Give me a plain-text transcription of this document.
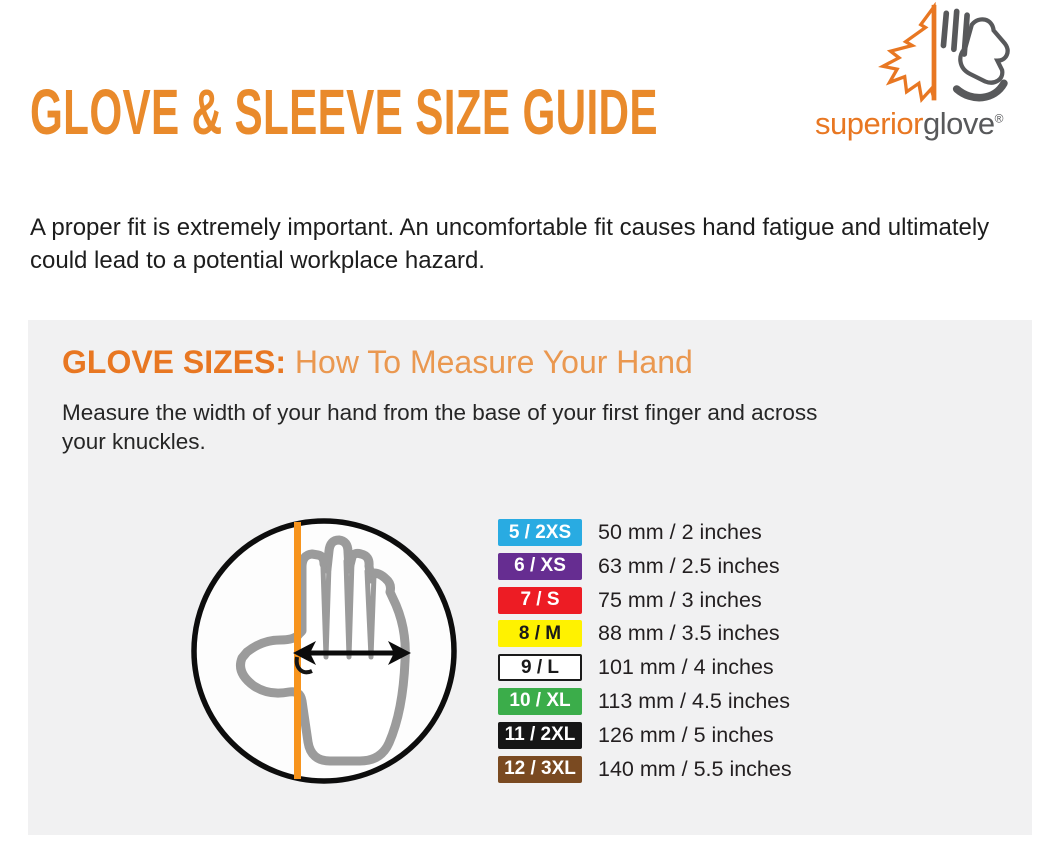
GLOVE & SLEEVE SIZE GUIDE	superiorglove®
A proper fit is extremely important. An uncomfortable fit causes hand fatigue and ultimately
could lead to a potential workplace hazard.
GLOVE SIZES: How To Measure Your Hand
Measure the width of your hand from the base of your first finger and across
your knuckles.
5 / 2XS	50 mm / 2 inches
6 / XS	63 mm / 2.5 inches
7 / S	75 mm / 3 inches
8 / M	88 mm / 3.5 inches
9 / L	101 mm / 4 inches
10 / XL	113 mm / 4.5 inches
11 / 2XL	126 mm / 5 inches
12 / 3XL 140 mm / 5.5 inches
